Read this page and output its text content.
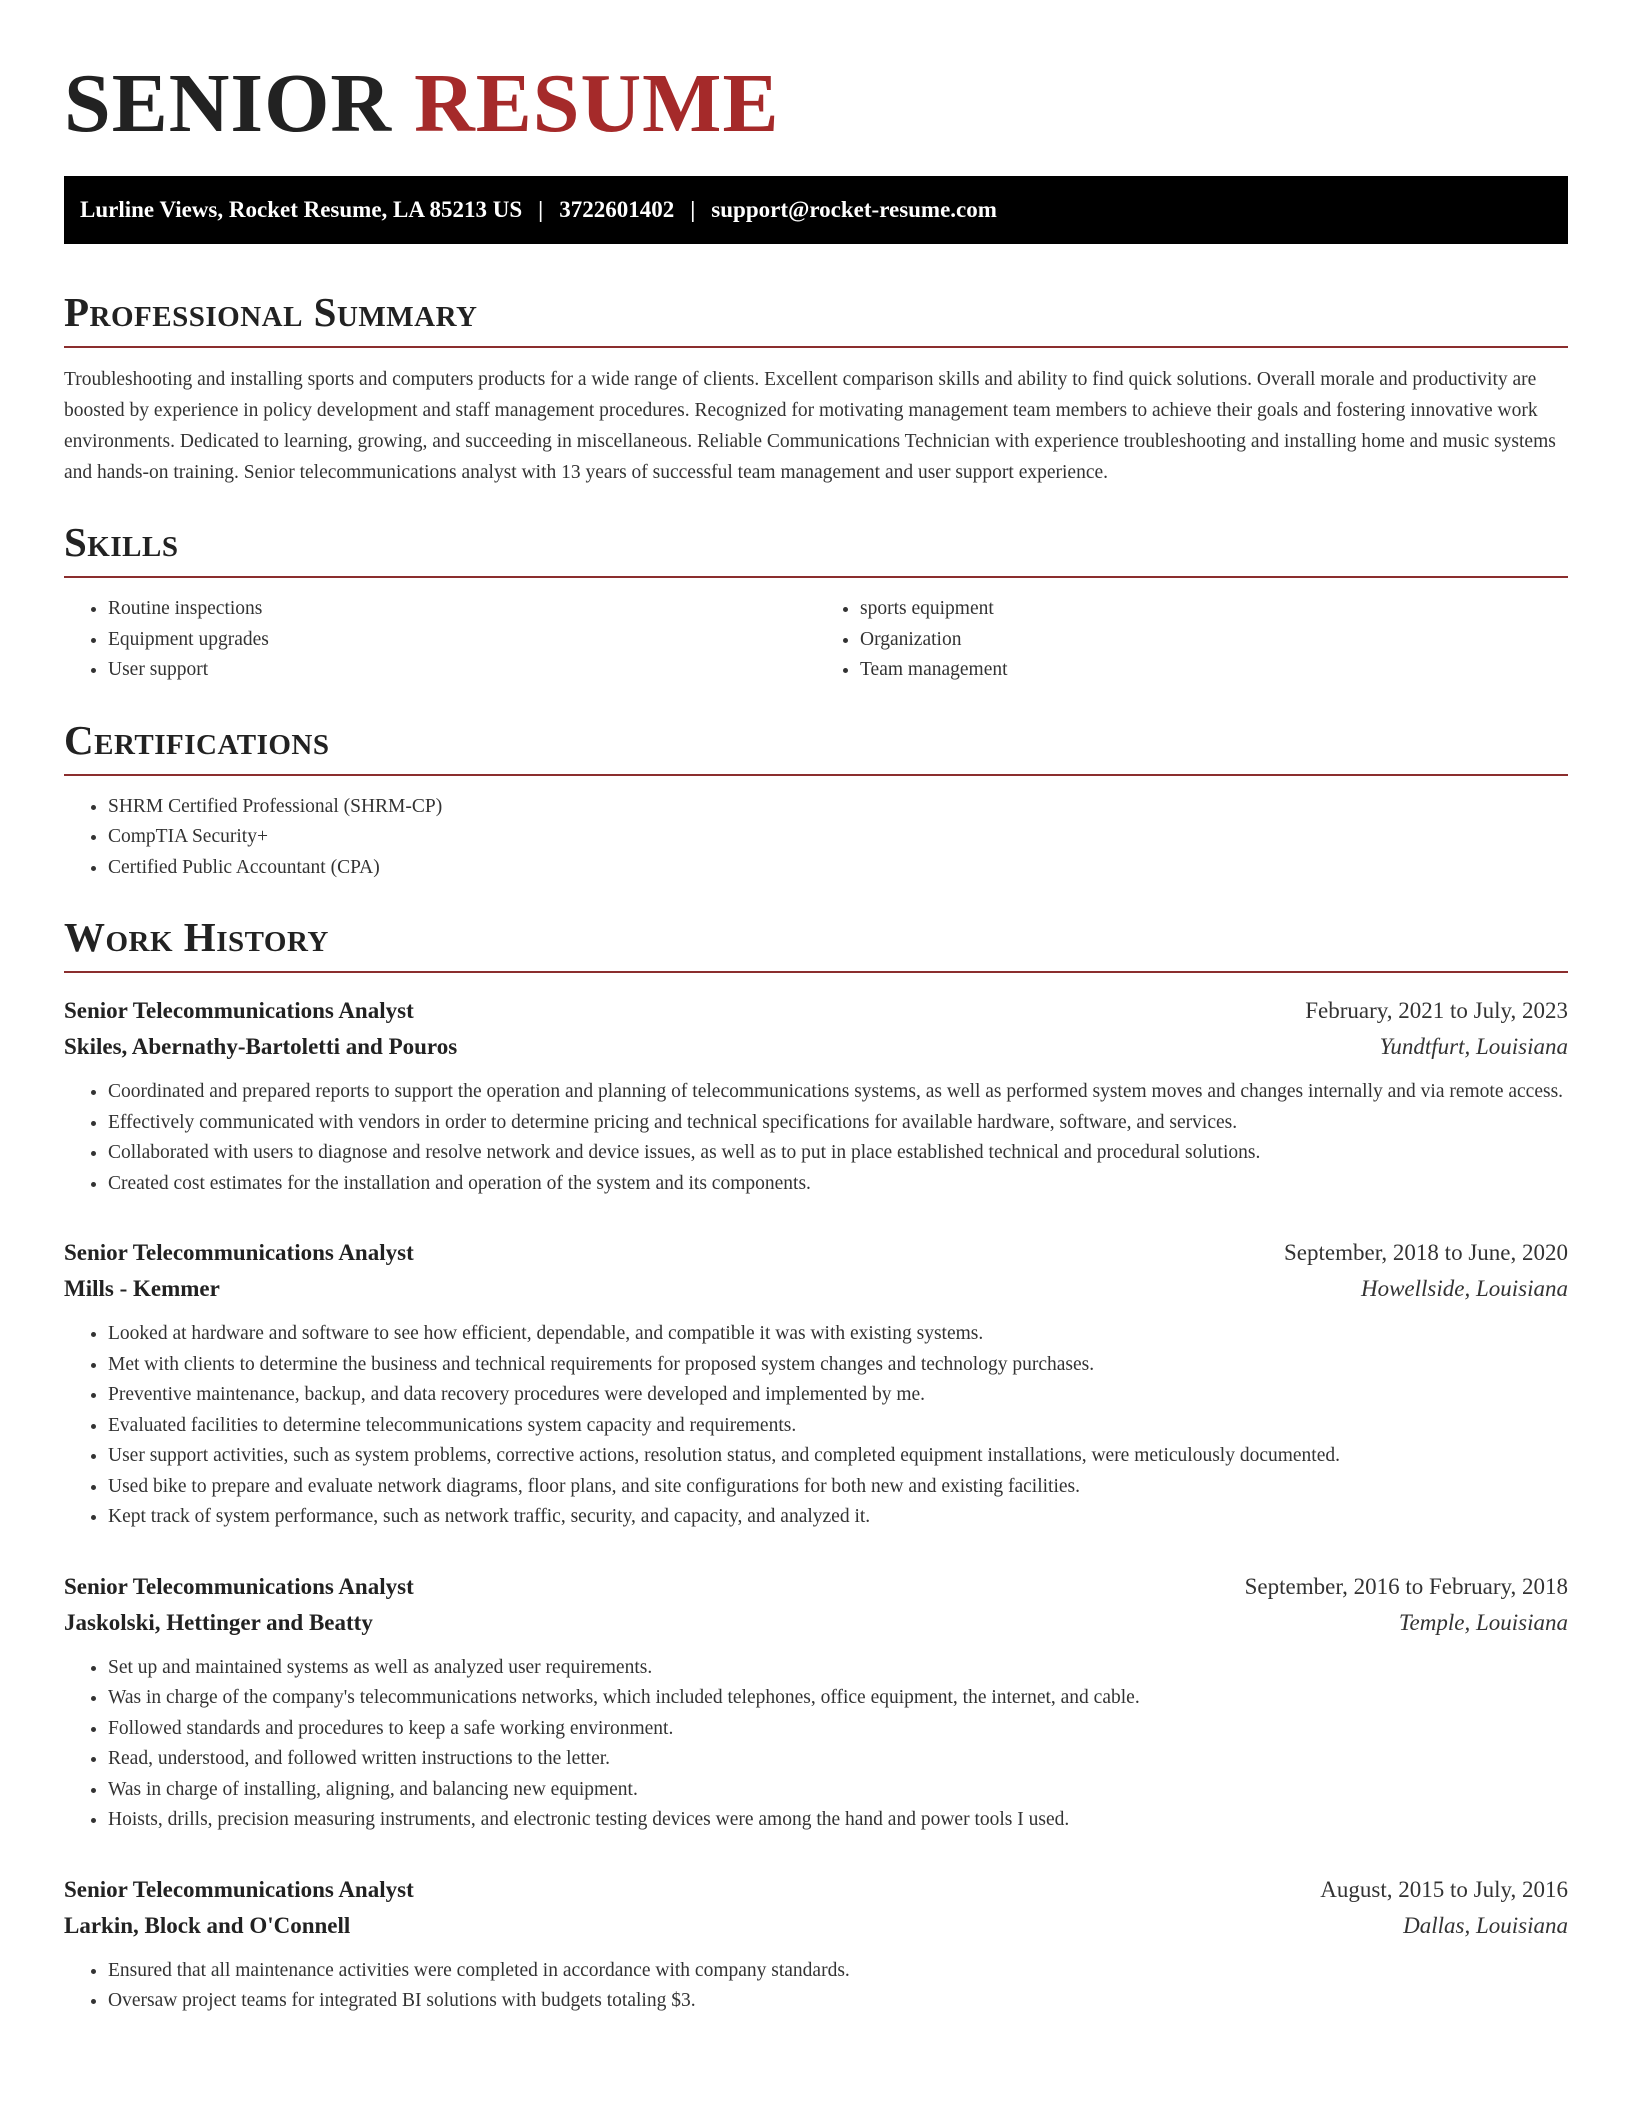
SENIOR RESUME
Lurline Views, Rocket Resume, LA 85213 US | 3722601402 | support@rocket-resume.com
Professional Summary

Troubleshooting and installing sports and computers products for a wide range of clients. Excellent comparison skills and ability to find quick solutions. Overall morale and productivity are boosted by experience in policy development and staff management procedures. Recognized for motivating management team members to achieve their goals and fostering innovative work environments. Dedicated to learning, growing, and succeeding in miscellaneous. Reliable Communications Technician with experience troubleshooting and installing home and music systems and hands-on training. Senior telecommunications analyst with 13 years of successful team management and user support experience.

Skills
• Routine inspections
• Equipment upgrades
• User support
• sports equipment
• Organization
• Team management
Certifications
• SHRM Certified Professional (SHRM-CP)
• CompTIA Security+
• Certified Public Accountant (CPA)
Work History
Senior Telecommunications Analyst	February, 2021 to July, 2023
Skiles, Abernathy-Bartoletti and Pouros	Yundtfurt, Louisiana
• Coordinated and prepared reports to support the operation and planning of telecommunications systems, as well as performed system moves and changes internally and via remote access.
• Effectively communicated with vendors in order to determine pricing and technical specifications for available hardware, software, and services.
• Collaborated with users to diagnose and resolve network and device issues, as well as to put in place established technical and procedural solutions.
• Created cost estimates for the installation and operation of the system and its components.
Senior Telecommunications Analyst	September, 2018 to June, 2020
Mills - Kemmer	Howellside, Louisiana
• Looked at hardware and software to see how efficient, dependable, and compatible it was with existing systems.
• Met with clients to determine the business and technical requirements for proposed system changes and technology purchases.
• Preventive maintenance, backup, and data recovery procedures were developed and implemented by me.
• Evaluated facilities to determine telecommunications system capacity and requirements.
• User support activities, such as system problems, corrective actions, resolution status, and completed equipment installations, were meticulously documented.
• Used bike to prepare and evaluate network diagrams, floor plans, and site configurations for both new and existing facilities.
• Kept track of system performance, such as network traffic, security, and capacity, and analyzed it.
Senior Telecommunications Analyst	September, 2016 to February, 2018
Jaskolski, Hettinger and Beatty	Temple, Louisiana
• Set up and maintained systems as well as analyzed user requirements.
• Was in charge of the company's telecommunications networks, which included telephones, office equipment, the internet, and cable.
• Followed standards and procedures to keep a safe working environment.
• Read, understood, and followed written instructions to the letter.
• Was in charge of installing, aligning, and balancing new equipment.
• Hoists, drills, precision measuring instruments, and electronic testing devices were among the hand and power tools I used.
Senior Telecommunications Analyst	August, 2015 to July, 2016
Larkin, Block and O'Connell	Dallas, Louisiana
• Ensured that all maintenance activities were completed in accordance with company standards.
• Oversaw project teams for integrated BI solutions with budgets totaling $3.
